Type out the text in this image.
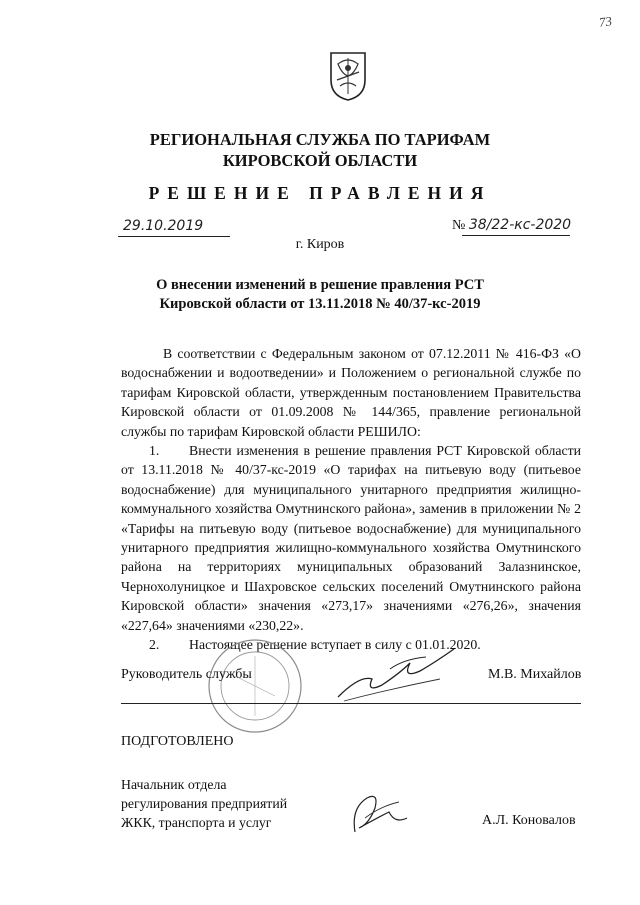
73
РЕГИОНАЛЬНАЯ СЛУЖБА ПО ТАРИФАМ
КИРОВСКОЙ ОБЛАСТИ
РЕШЕНИЕ ПРАВЛЕНИЯ
29.10.2019	№ 38/22-кс-2020
г. Киров
О внесении изменений в решение правления РСТ
Кировской области от 13.11.2018 № 40/37-кс-2019

В соответствии с Федеральным законом от 07.12.2011 № 416-ФЗ «О водоснабжении и водоотведении» и Положением о региональной службе по тарифам Кировской области, утвержденным постановлением Правительства Кировской области от 01.09.2008 № 144/365, правление региональной службы по тарифам Кировской области РЕШИЛО:

1. Внести изменения в решение правления РСТ Кировской области от 13.11.2018 № 40/37-кс-2019 «О тарифах на питьевую воду (питьевое водоснабжение) для муниципального унитарного предприятия жилищно-коммунального хозяйства Омутнинского района», заменив в приложении № 2 «Тарифы на питьевую воду (питьевое водоснабжение) для муниципального унитарного предприятия жилищно-коммунального хозяйства Омутнинского района на территориях муниципальных образований Залазнинское, Чернохолуницкое и Шахровское сельских поселений Омутнинского района Кировской области» значения «273,17» значениями «276,26», значения «227,64» значениями «230,22».

2. Настоящее решение вступает в силу с 01.01.2020.

Руководитель службы	М.В. Михайлов
ПОДГОТОВЛЕНО
Начальник отдела
регулирования предприятий
ЖКК, транспорта и услуг	А.Л. Коновалов
